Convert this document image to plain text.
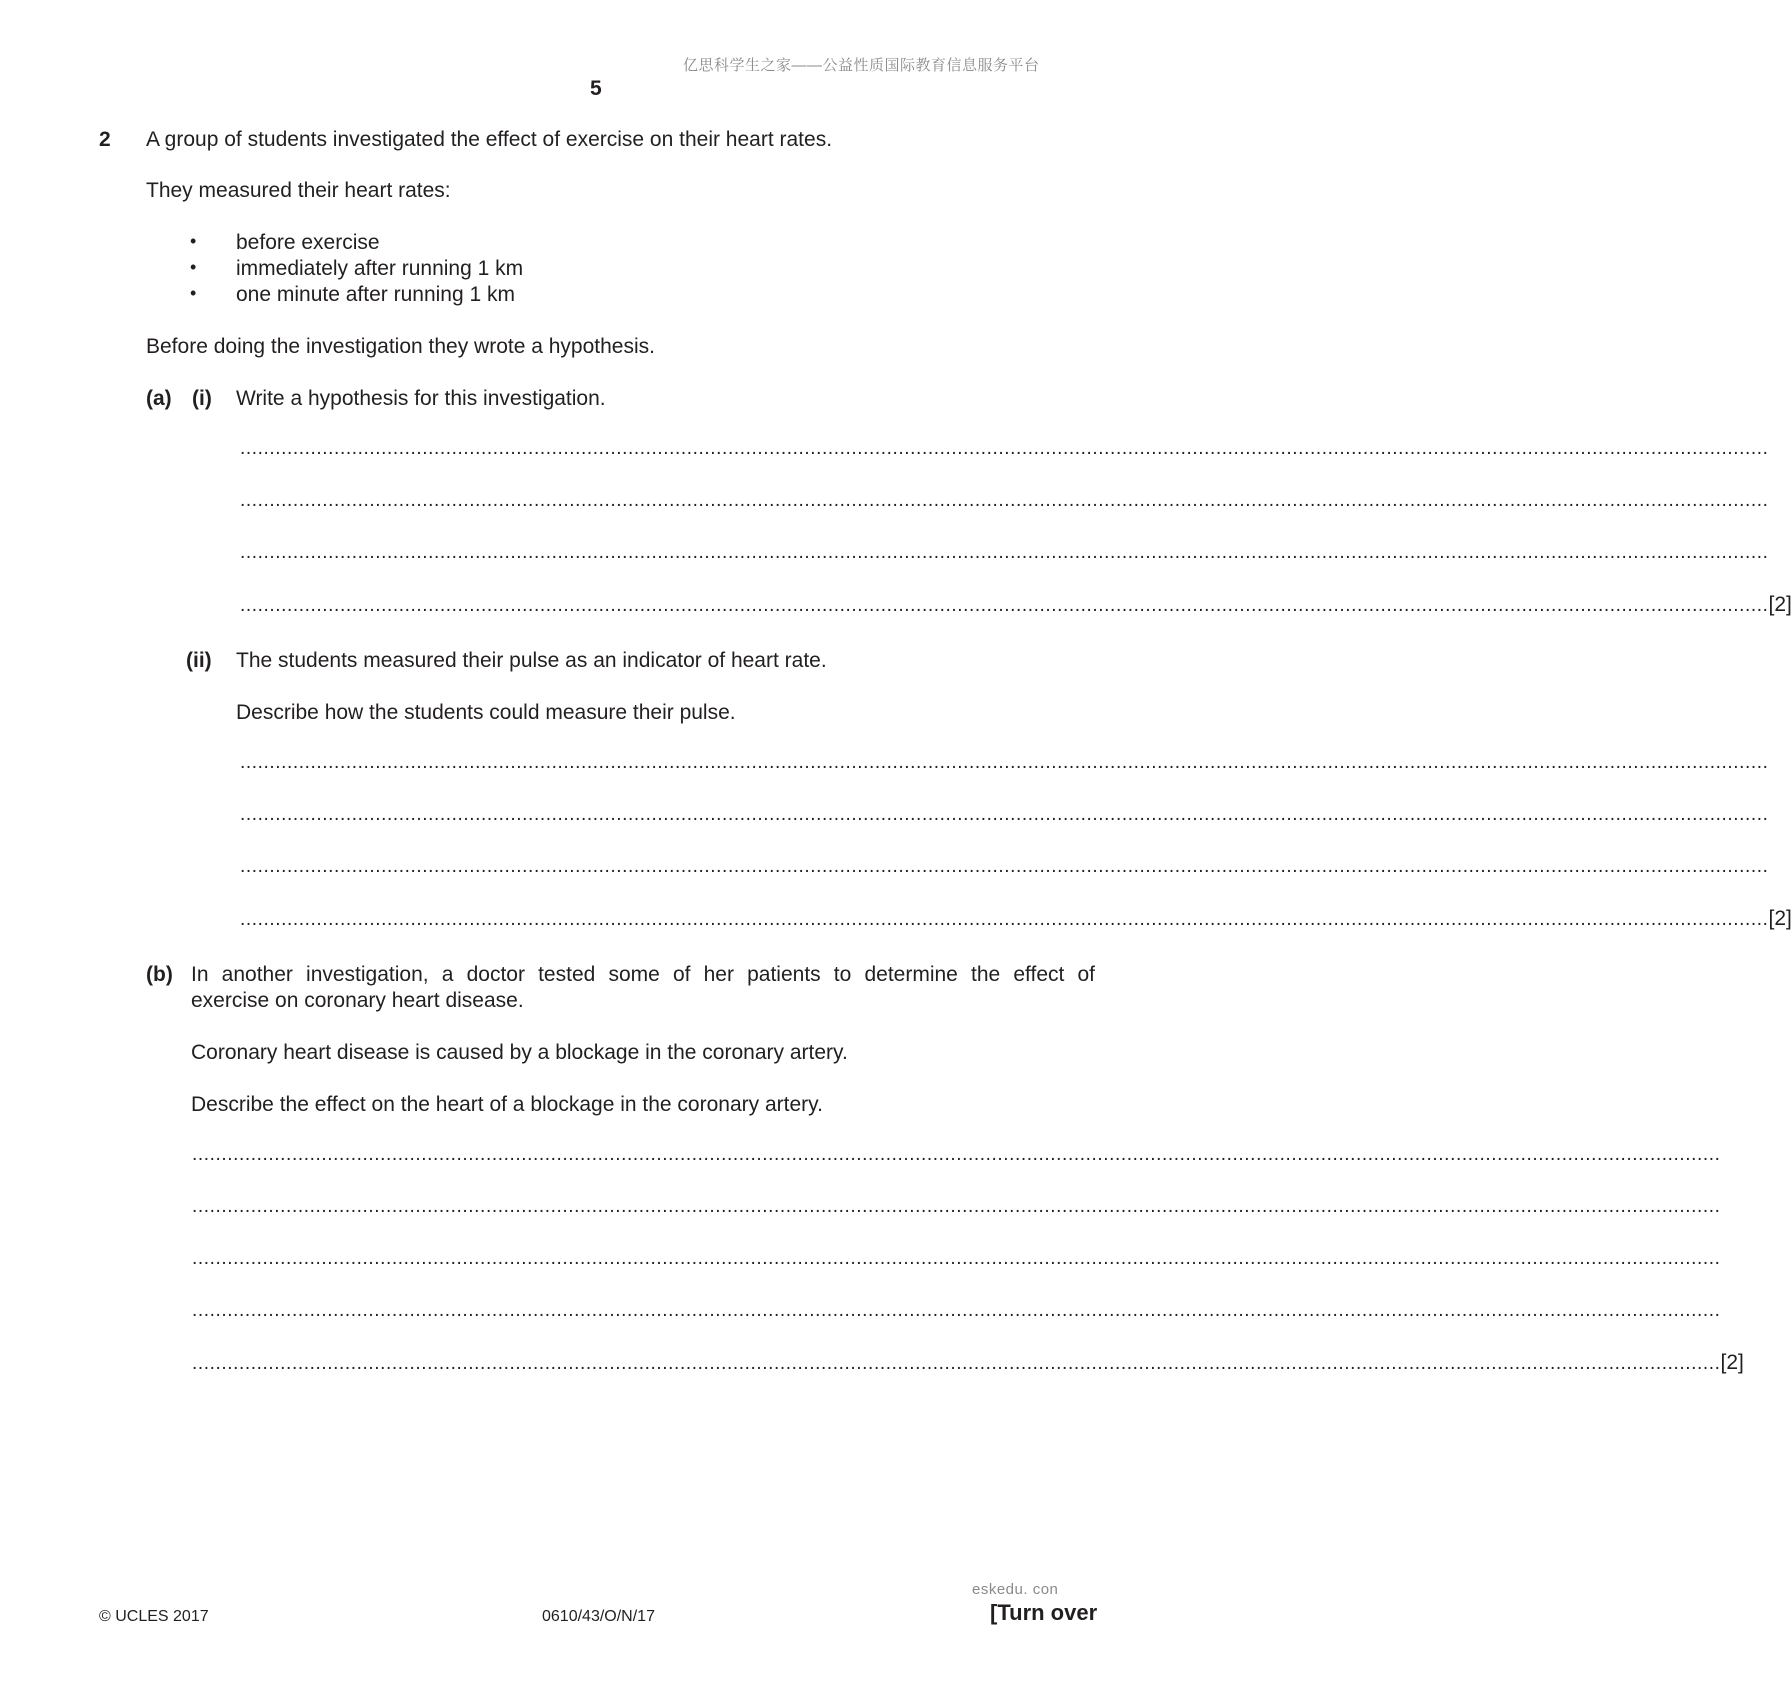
亿思科学生之家——公益性质国际教育信息服务平台
5
2 A group of students investigated the effect of exercise on their heart rates.
They measured their heart rates:
• before exercise
• immediately after running 1 km
• one minute after running 1 km
Before doing the investigation they wrote a hypothesis.
(a) (i) Write a hypothesis for this investigation.
....................................................................................................................................................................................................................................................................
....................................................................................................................................................................................................................................................................
....................................................................................................................................................................................................................................................................
.................................................................................................................................................................................................................................................................... [2]
(ii) The students measured their pulse as an indicator of heart rate.
Describe how the students could measure their pulse.
....................................................................................................................................................................................................................................................................
....................................................................................................................................................................................................................................................................
....................................................................................................................................................................................................................................................................
.................................................................................................................................................................................................................................................................... [2]
(b) In another investigation, a doctor tested some of her patients to determine the effect of
exercise on coronary heart disease.
Coronary heart disease is caused by a blockage in the coronary artery.
Describe the effect on the heart of a blockage in the coronary artery.
....................................................................................................................................................................................................................................................................
....................................................................................................................................................................................................................................................................
....................................................................................................................................................................................................................................................................
....................................................................................................................................................................................................................................................................
.................................................................................................................................................................................................................................................................... [2]
eskedu. con
© UCLES 2017	0610/43/O/N/17	[Turn over
